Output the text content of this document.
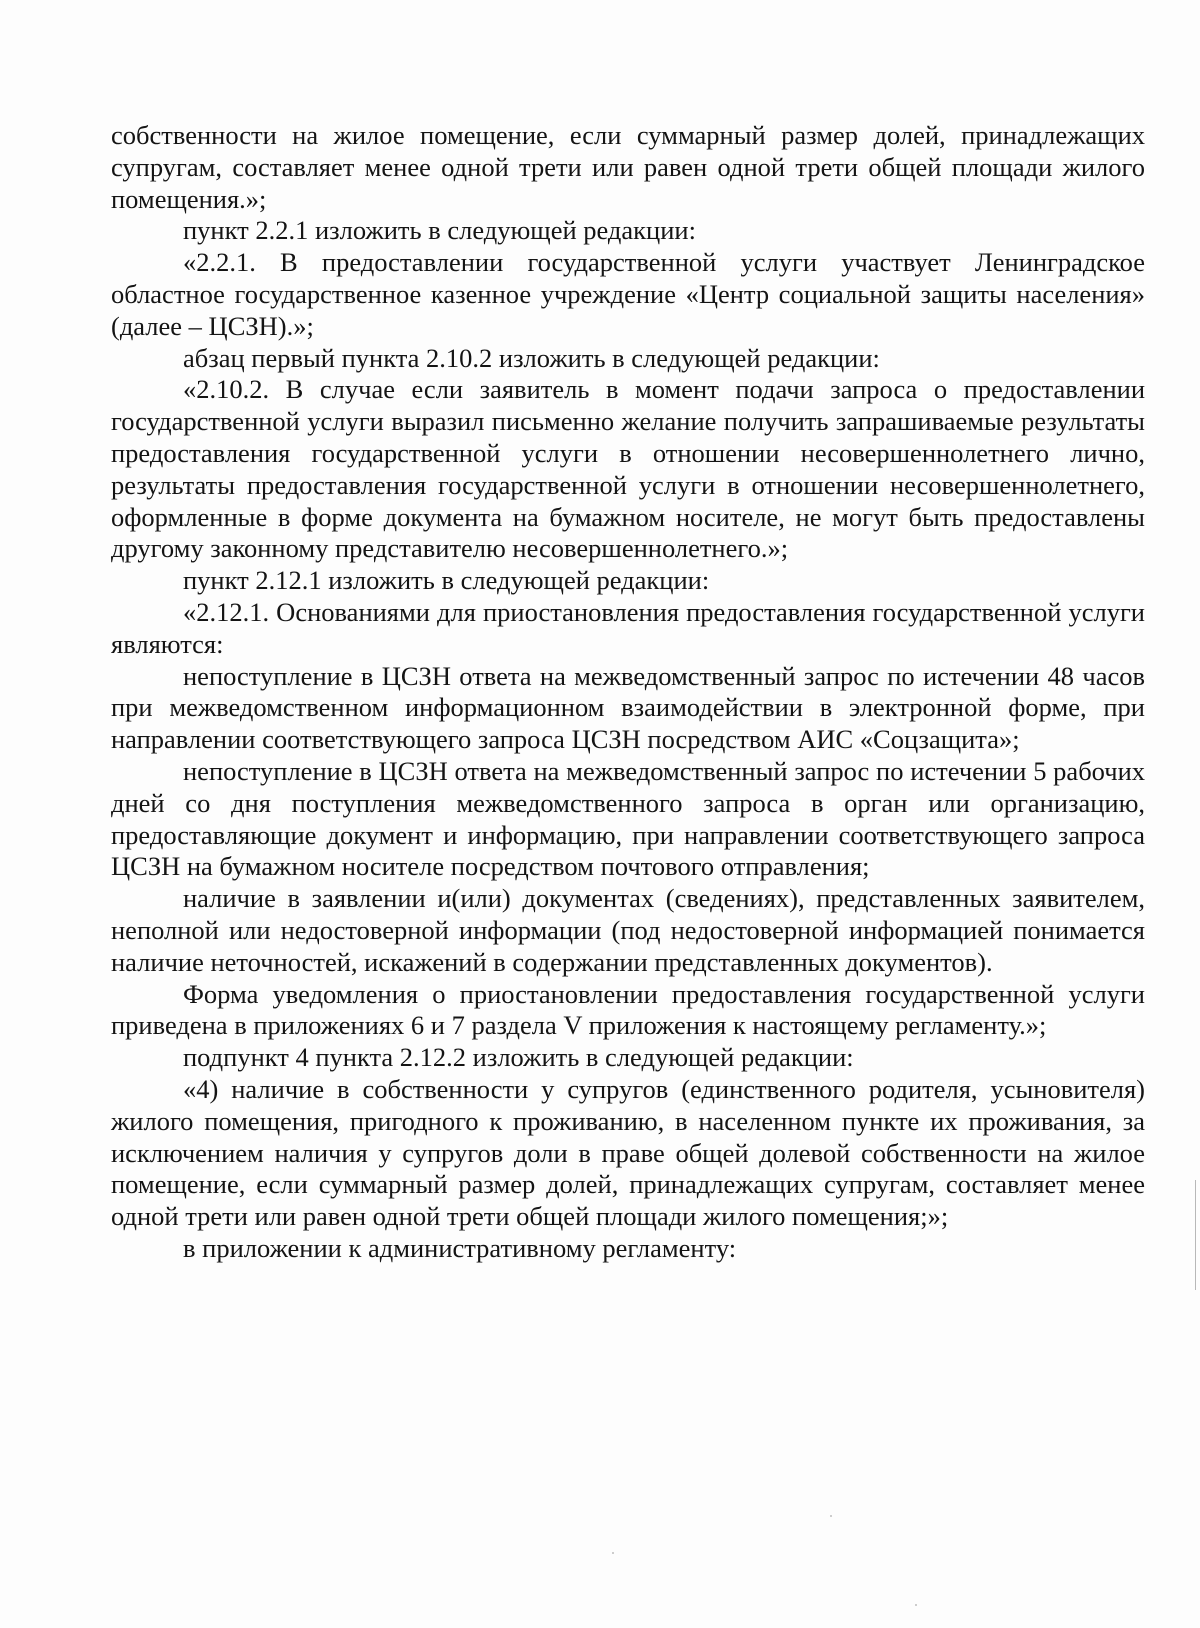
собственности на жилое помещение, если суммарный размер долей, принадлежащих супругам, составляет менее одной трети или равен одной трети общей площади жилого помещения.»;

пункт 2.2.1 изложить в следующей редакции:

«2.2.1. В предоставлении государственной услуги участвует Ленинградское областное государственное казенное учреждение «Центр социальной защиты населения» (далее – ЦСЗН).»;

абзац первый пункта 2.10.2 изложить в следующей редакции:

«2.10.2. В случае если заявитель в момент подачи запроса о предоставлении государственной услуги выразил письменно желание получить запрашиваемые результаты предоставления государственной услуги в отношении несовершеннолетнего лично, результаты предоставления государственной услуги в отношении несовершеннолетнего, оформленные в форме документа на бумажном носителе, не могут быть предоставлены другому законному представителю несовершеннолетнего.»;

пункт 2.12.1 изложить в следующей редакции:

«2.12.1. Основаниями для приостановления предоставления государственной услуги являются:

непоступление в ЦСЗН ответа на межведомственный запрос по истечении 48 часов при межведомственном информационном взаимодействии в электронной форме, при направлении соответствующего запроса ЦСЗН посредством АИС «Соцзащита»;

непоступление в ЦСЗН ответа на межведомственный запрос по истечении 5 рабочих дней со дня поступления межведомственного запроса в орган или организацию, предоставляющие документ и информацию, при направлении соответствующего запроса ЦСЗН на бумажном носителе посредством почтового отправления;

наличие в заявлении и(или) документах (сведениях), представленных заявителем, неполной или недостоверной информации (под недостоверной информацией понимается наличие неточностей, искажений в содержании представленных документов).

Форма уведомления о приостановлении предоставления государственной услуги приведена в приложениях 6 и 7 раздела V приложения к настоящему регламенту.»;

подпункт 4 пункта 2.12.2 изложить в следующей редакции:

«4) наличие в собственности у супругов (единственного родителя, усыновителя) жилого помещения, пригодного к проживанию, в населенном пункте их проживания, за исключением наличия у супругов доли в праве общей долевой собственности на жилое помещение, если суммарный размер долей, принадлежащих супругам, составляет менее одной трети или равен одной трети общей площади жилого помещения;»;

в приложении к административному регламенту:
